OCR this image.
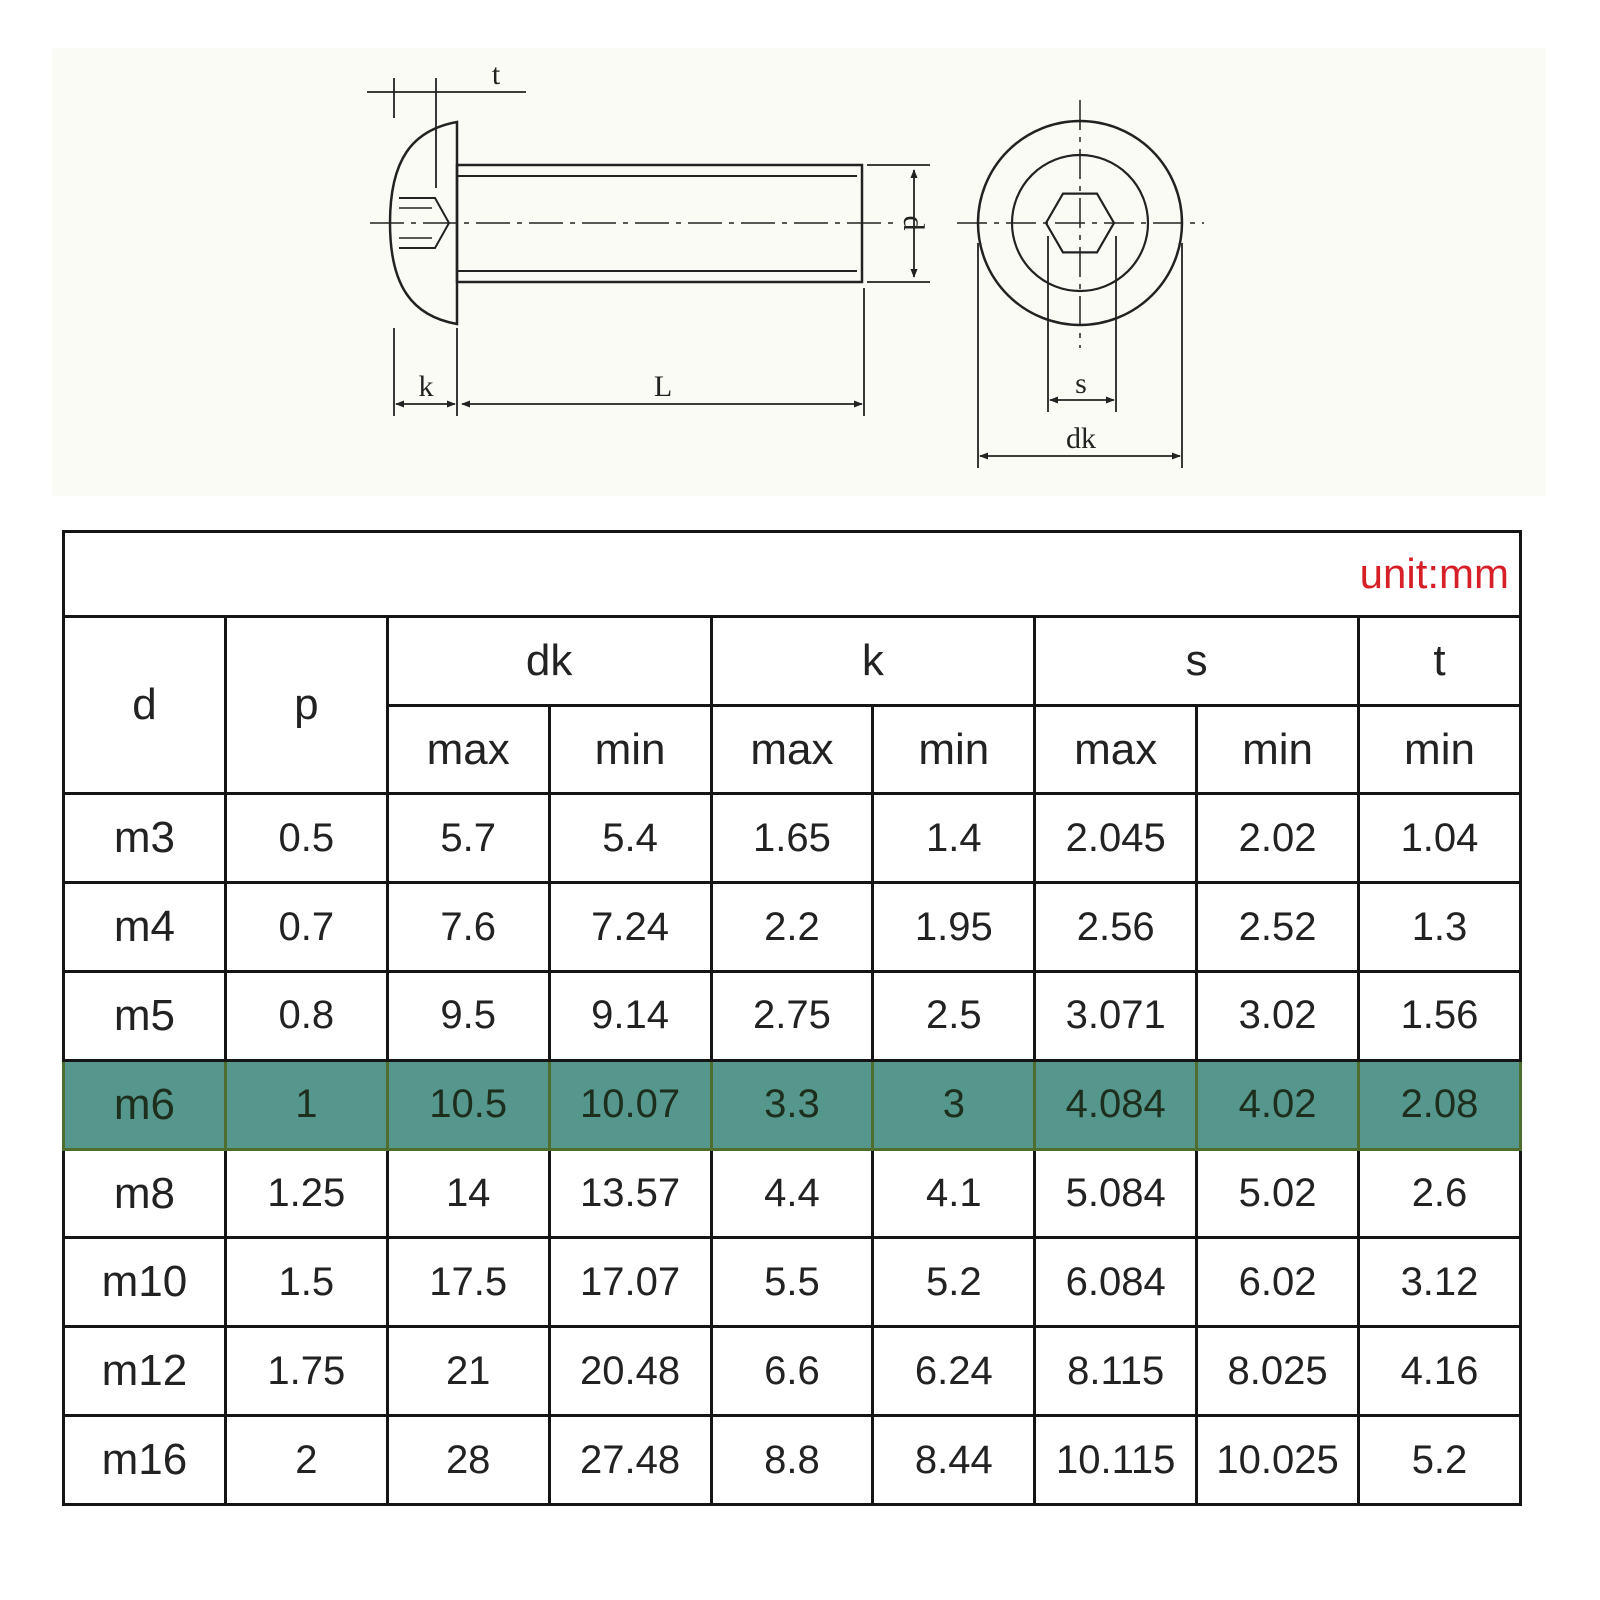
t
d
k	L	s
dk
unit:mm								
d	p	dk		k		s		t
		max	min	max	min	max	min	min
m3	0.5	5.7	5.4	1.65	1.4	2.045	2.02	1.04
m4	0.7	7.6	7.24	2.2	1.95	2.56	2.52	1.3
m5	0.8	9.5	9.14	2.75	2.5	3.071	3.02	1.56
m6	1	10.5	10.07	3.3	3	4.084	4.02	2.08
m8	1.25	14	13.57	4.4	4.1	5.084	5.02	2.6
m10	1.5	17.5	17.07	5.5	5.2	6.084	6.02	3.12
m12	1.75	21	20.48	6.6	6.24	8.115	8.025	4.16
m16	2	28	27.48	8.8	8.44	10.115	10.025	5.2
